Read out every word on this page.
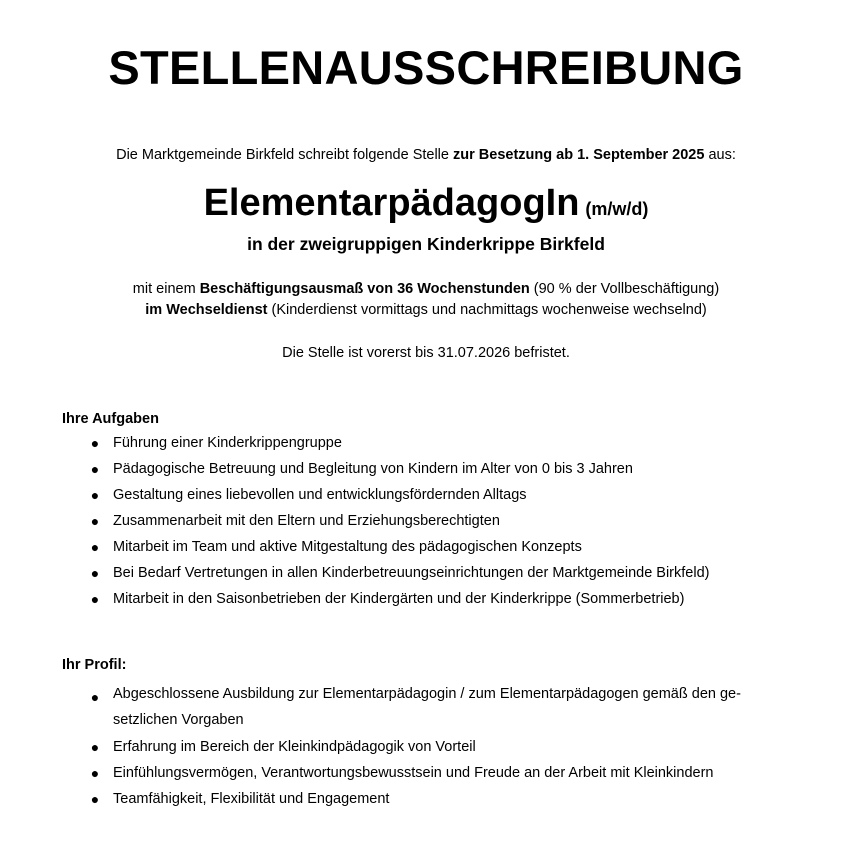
STELLENAUSSCHREIBUNG
Die Marktgemeinde Birkfeld schreibt folgende Stelle zur Besetzung ab 1. September 2025 aus:
ElementarpädagogIn (m/w/d)
in der zweigruppigen Kinderkrippe Birkfeld
mit einem Beschäftigungsausmaß von 36 Wochenstunden (90 % der Vollbeschäftigung)
im Wechseldienst (Kinderdienst vormittags und nachmittags wochenweise wechselnd)
Die Stelle ist vorerst bis 31.07.2026 befristet.
Ihre Aufgaben
● Führung einer Kinderkrippengruppe
● Pädagogische Betreuung und Begleitung von Kindern im Alter von 0 bis 3 Jahren
● Gestaltung eines liebevollen und entwicklungsfördernden Alltags
● Zusammenarbeit mit den Eltern und Erziehungsberechtigten
● Mitarbeit im Team und aktive Mitgestaltung des pädagogischen Konzepts
● Bei Bedarf Vertretungen in allen Kinderbetreuungseinrichtungen der Marktgemeinde Birkfeld)
● Mitarbeit in den Saisonbetrieben der Kindergärten und der Kinderkrippe (Sommerbetrieb)
Ihr Profil:
● Abgeschlossene Ausbildung zur Elementarpädagogin / zum Elementarpädagogen gemäß den ge-setzlichen Vorgaben
● Erfahrung im Bereich der Kleinkindpädagogik von Vorteil
● Einfühlungsvermögen, Verantwortungsbewusstsein und Freude an der Arbeit mit Kleinkindern
● Teamfähigkeit, Flexibilität und Engagement
